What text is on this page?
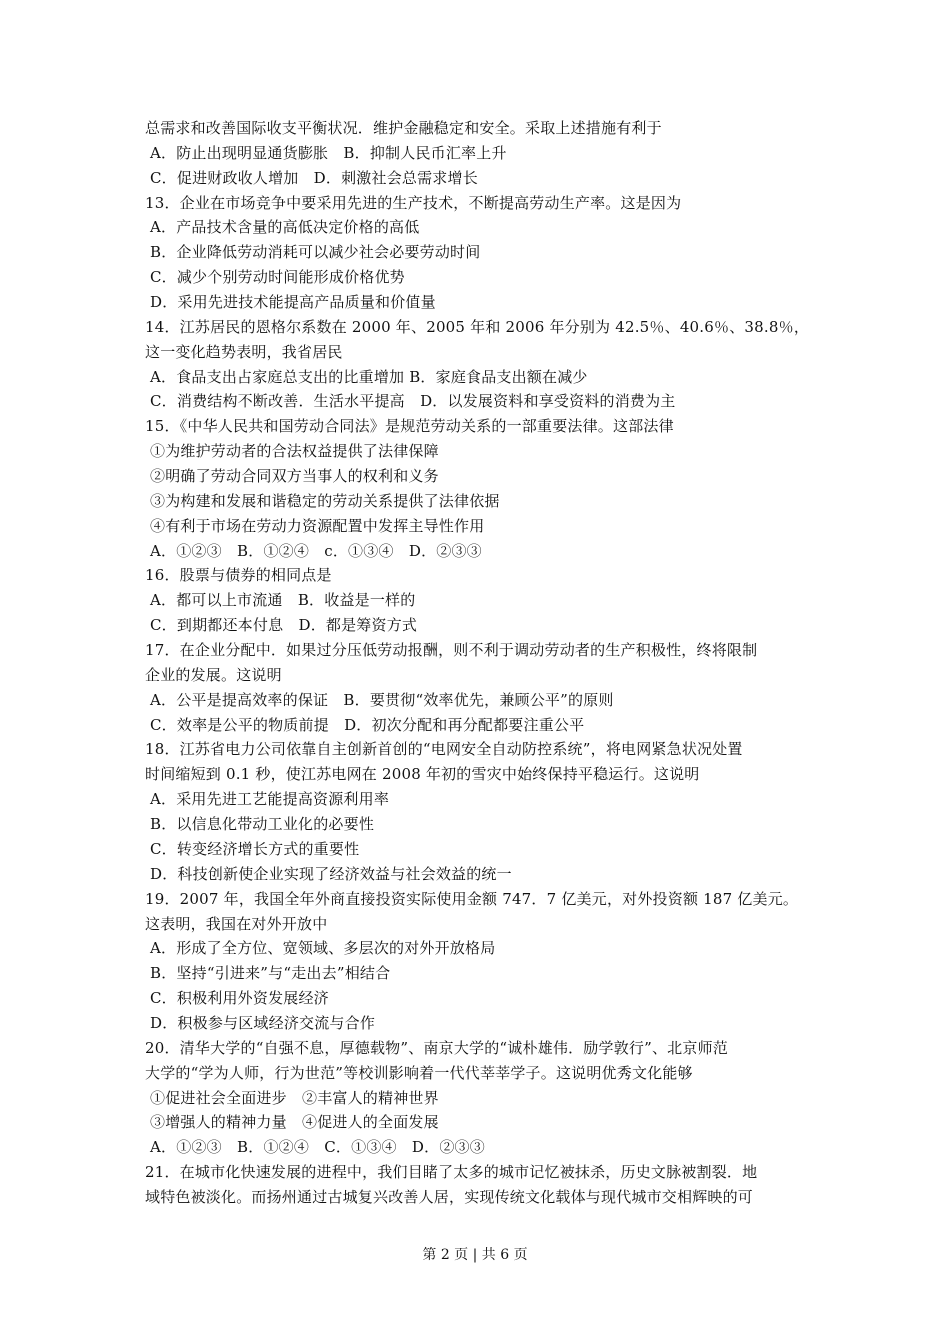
总需求和改善国际收支平衡状况．维护金融稳定和安全。采取上述措施有利于
A．防止出现明显通货膨胀　B．抑制人民币汇率上升
C．促进财政收人增加　D．刺激社会总需求增长
13．企业在市场竞争中要采用先进的生产技术，不断提高劳动生产率。这是因为
A．产品技术含量的高低决定价格的高低
B．企业降低劳动消耗可以减少社会必要劳动时间
C．减少个别劳动时间能形成价格优势
D．采用先进技术能提高产品质量和价值量
14．江苏居民的恩格尔系数在 2000 年、2005 年和 2006 年分别为 42.5％、40.6％、38.8％，
这一变化趋势表明，我省居民
A．食品支出占家庭总支出的比重增加 B．家庭食品支出额在减少
C．消费结构不断改善．生活水平提高　D．以发展资料和享受资料的消费为主
15．《中华人民共和国劳动合同法》是规范劳动关系的一部重要法律。这部法律
①为维护劳动者的合法权益提供了法律保障
②明确了劳动合同双方当事人的权利和义务
③为构建和发展和谐稳定的劳动关系提供了法律依据
④有利于市场在劳动力资源配置中发挥主导性作用
A．①②③　B．①②④　c．①③④　D．②③③
16．股票与债券的相同点是
A．都可以上市流通　B．收益是一样的
C．到期都还本付息　D．都是筹资方式
17．在企业分配中．如果过分压低劳动报酬，则不利于调动劳动者的生产积极性，终将限制
企业的发展。这说明
A．公平是提高效率的保证　B．要贯彻“效率优先，兼顾公平”的原则
C．效率是公平的物质前提　D．初次分配和再分配都要注重公平
18．江苏省电力公司依靠自主创新首创的“电网安全自动防控系统”，将电网紧急状况处置
时间缩短到 0.1 秒，使江苏电网在 2008 年初的雪灾中始终保持平稳运行。这说明
A．采用先进工艺能提高资源利用率
B．以信息化带动工业化的必要性
C．转变经济增长方式的重要性
D．科技创新使企业实现了经济效益与社会效益的统一
19．2007 年，我国全年外商直接投资实际使用金额 747．7 亿美元，对外投资额 187 亿美元。
这表明，我国在对外开放中
A．形成了全方位、宽领域、多层次的对外开放格局
B．坚持“引进来”与“走出去”相结合
C．积极利用外资发展经济
D．积极参与区域经济交流与合作
20．清华大学的“自强不息，厚德载物”、南京大学的“诚朴雄伟．励学敦行”、北京师范
大学的“学为人师，行为世范”等校训影响着一代代莘莘学子。这说明优秀文化能够
①促进社会全面进步　②丰富人的精神世界
③增强人的精神力量　④促进人的全面发展
A．①②③　B．①②④　C．①③④　D．②③③
21．在城市化快速发展的进程中，我们目睹了太多的城市记忆被抹杀，历史文脉被割裂．地
域特色被淡化。而扬州通过古城复兴改善人居，实现传统文化载体与现代城市交相辉映的可
第 2 页 | 共 6 页
